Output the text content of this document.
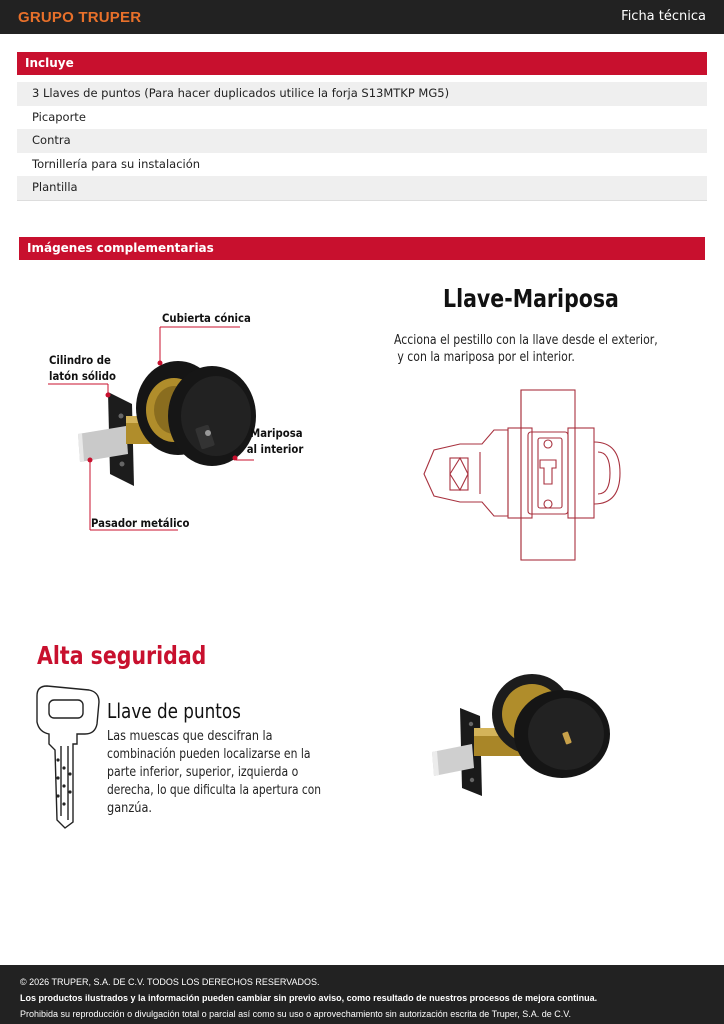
GRUPO TRUPER	Ficha técnica
Incluye
3 Llaves de puntos (Para hacer duplicados utilice la forja S13MTKP MG5)
Picaporte
Contra
Tornillería para su instalación
Plantilla
Imágenes complementarias
Cubierta cónica
Cilindro de
latón sólido
Mariposa
al interior
Pasador metálico
Llave-Mariposa
Acciona el pestillo con la llave desde el exterior,
y con la mariposa por el interior.
Alta seguridad
Llave de puntos
Las muescas que descifran la
combinación pueden localizarse en la
parte inferior, superior, izquierda o
derecha, lo que dificulta la apertura con
ganzúa.
© 2026 TRUPER, S.A. DE C.V. TODOS LOS DERECHOS RESERVADOS.
Los productos ilustrados y la información pueden cambiar sin previo aviso, como resultado de nuestros procesos de mejora continua.
Prohibida su reproducción o divulgación total o parcial así como su uso o aprovechamiento sin autorización escrita de Truper, S.A. de C.V.
